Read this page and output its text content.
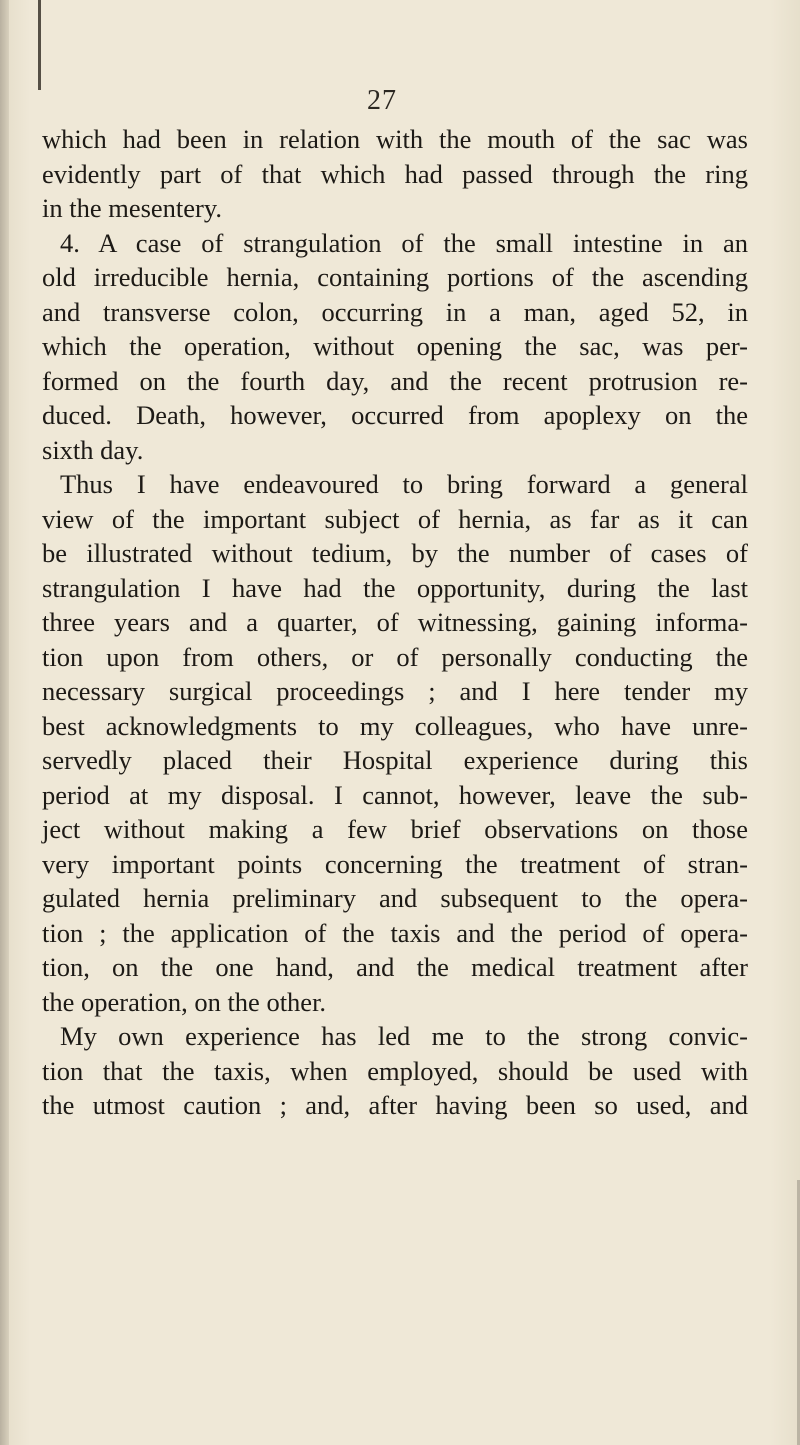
27
which had been in relation with the mouth of the sac was
evidently part of that which had passed through the ring
in the mesentery.
4. A case of strangulation of the small intestine in an
old irreducible hernia, containing portions of the ascending
and transverse colon, occurring in a man, aged 52, in
which the operation, without opening the sac, was per-
formed on the fourth day, and the recent protrusion re-
duced. Death, however, occurred from apoplexy on the
sixth day.
Thus I have endeavoured to bring forward a general
view of the important subject of hernia, as far as it can
be illustrated without tedium, by the number of cases of
strangulation I have had the opportunity, during the last
three years and a quarter, of witnessing, gaining informa-
tion upon from others, or of personally conducting the
necessary surgical proceedings ; and I here tender my
best acknowledgments to my colleagues, who have unre-
servedly placed their Hospital experience during this
period at my disposal. I cannot, however, leave the sub-
ject without making a few brief observations on those
very important points concerning the treatment of stran-
gulated hernia preliminary and subsequent to the opera-
tion ; the application of the taxis and the period of opera-
tion, on the one hand, and the medical treatment after
the operation, on the other.
My own experience has led me to the strong convic-
tion that the taxis, when employed, should be used with
the utmost caution ; and, after having been so used, and
